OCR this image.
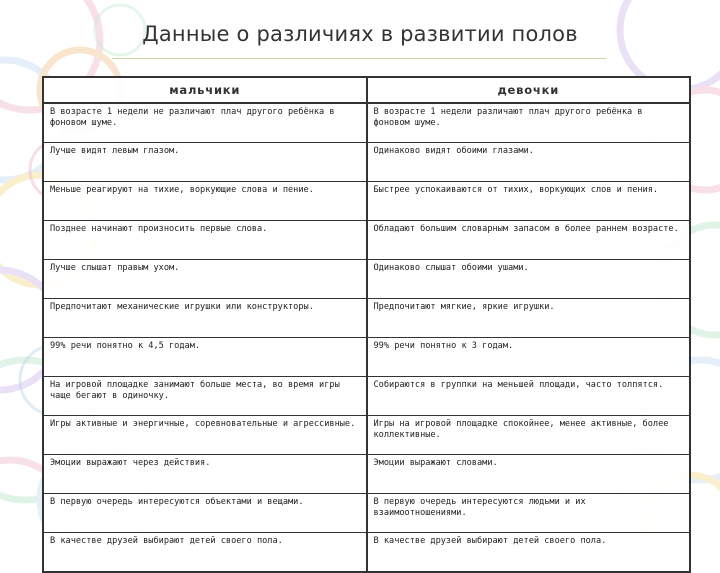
Данные о различиях в развитии полов
мальчики	девочки
В возрасте 1 недели не различают плач другого ребёнка в фоновом шуме.	В возрасте 1 недели различают плач другого ребёнка в фоновом шуме.
Лучше видят левым глазом.	Одинаково видят обоими глазами.
Меньше реагируют на тихие, воркующие слова и пение.	Быстрее успокаиваются от тихих, воркующих слов и пения.
Позднее начинают произносить первые слова.	Обладают большим словарным запасом в более раннем возрасте.
Лучше слышат правым ухом.	Одинаково слышат обоими ушами.
Предпочитают механические игрушки или конструкторы.	Предпочитают мягкие, яркие игрушки.
99% речи понятно к 4,5 годам.	99% речи понятно к 3 годам.
На игровой площадке занимают больше места, во время игры чаще бегают в одиночку.	Собираются в группки на меньшей площади, часто толпятся.
Игры активные и энергичные, соревновательные и агрессивные.	Игры на игровой площадке спокойнее, менее активные, более коллективные.
Эмоции выражают через действия.	Эмоции выражают словами.
В первую очередь интересуются объектами и вещами.	В первую очередь интересуются людьми и их взаимоотношениями.
В качестве друзей выбирают детей своего пола.	В качестве друзей выбирают детей своего пола.
